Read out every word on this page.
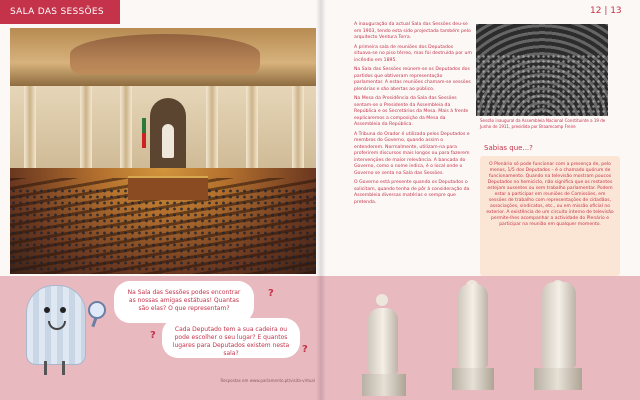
SALA DAS SESSÕES
Na Sala das Sessões podes encontrar as nossas amigas estátuas! Quantas são elas? O que representam?
Cada Deputado tem a sua cadeira ou pode escolher o seu lugar? E quantos lugares para Deputados existem nesta sala?
?
?
?
Respostas em www.parlamento.pt/visita-virtual
12 | 13

A inauguração da actual Sala das Sessões deu-se em 1903, tendo esta sido projectada também pelo arquitecto Ventura Terra.

A primeira sala de reuniões dos Deputados situava-se no piso térreo, mas foi destruída por um incêndio em 1895.

Na Sala das Sessões reúnem-se os Deputados dos partidos que obtiveram representação parlamentar. A estas reuniões chamam-se sessões plenárias e são abertas ao público.

Na Mesa da Presidência da Sala das Sessões sentam-se o Presidente da Assembleia da República e os Secretários da Mesa. Mais à frente explicaremos a composição da Mesa da Assembleia da República.

A Tribuna do Orador é utilizada pelos Deputados e membros do Governo, quando assim o entenderem. Normalmente, utilizam-na para proferirem discursos mais longos ou para fazerem intervenções de maior relevância. A bancada do Governo, como o nome indica, é o local onde o Governo se senta na Sala das Sessões.

O Governo está presente quando os Deputados o solicitam, quando tenha de pôr à consideração da Assembleia diversas matérias e sempre que pretenda.

Sessão inaugural da Assembleia Nacional Constituinte a 19 de Junho de 1911, presidida por Braamcamp Freire
Sabias que...?
O Plenário só pode funcionar com a presença de, pelo menos, 1/5 dos Deputados – é o chamado quórum de funcionamento. Quando na televisão mostram poucos Deputados no hemiciclo, não significa que os restantes estejam ausentes ou sem trabalho parlamentar. Podem estar a participar em reuniões de Comissões, em sessões de trabalho com representações de cidadãos, associações, sindicatos, etc., ou em missão oficial no exterior. A existência de um circuito interno de televisão permite-lhes acompanhar a actividade do Plenário e participar na reunião em qualquer momento.
